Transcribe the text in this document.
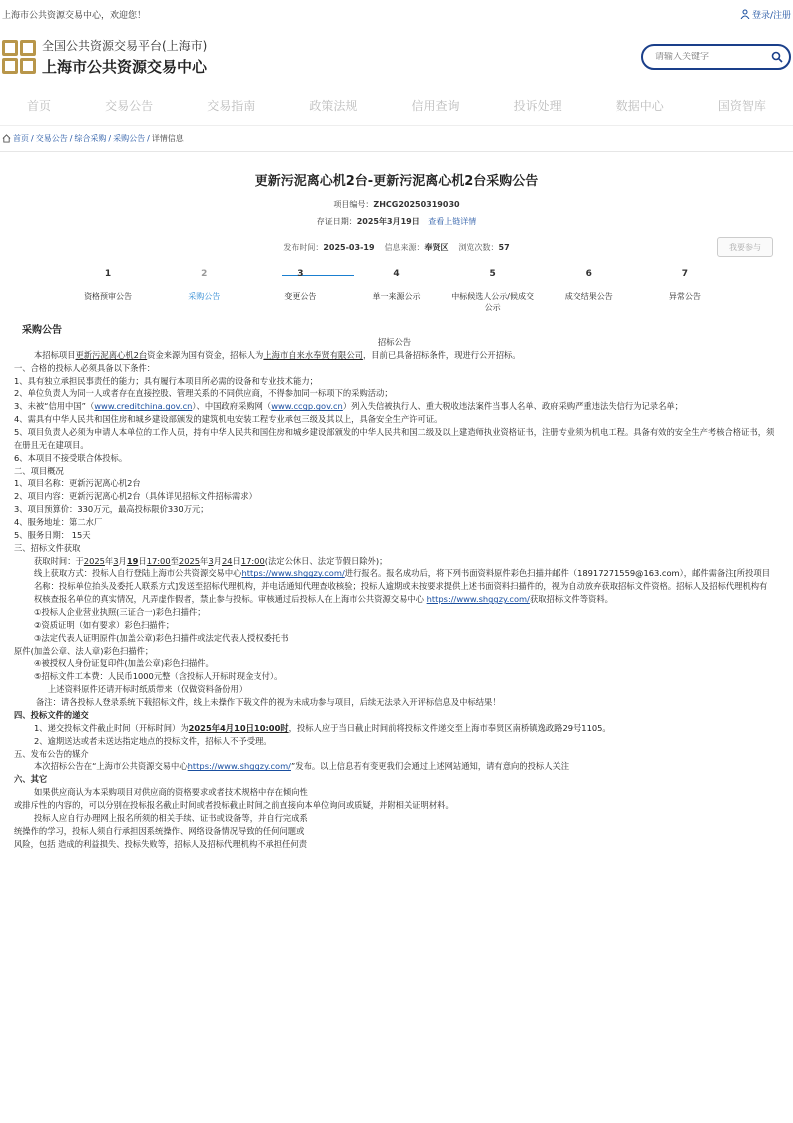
上海市公共资源交易中心，欢迎您！	登录/注册
全国公共资源交易平台(上海市)
上海市公共资源交易中心
请输入关键字
首页	交易公告	交易指南	政策法规	信用查询	投诉处理	数据中心	国资智库
首页 / 交易公告 / 综合采购 / 采购公告 / 详情信息
更新污泥离心机2台-更新污泥离心机2台采购公告
项目编号：ZHCG20250319030
存证日期：2025年3月19日 查看上链详情
发布时间：2025-03-19 信息来源：奉贤区 浏览次数：57	我要参与
1
资格预审公告
2
采购公告
3
变更公告
4
单一来源公示
5
中标候选人公示/候成交公示
6
成交结果公告
7
异常公告
采购公告

招标公告

本招标项目更新污泥离心机2台资金来源为国有资金，招标人为上海市自来水奉贤有限公司，目前已具备招标条件，现进行公开招标。

一、合格的投标人必须具备以下条件：

1、具有独立承担民事责任的能力；具有履行本项目所必需的设备和专业技术能力；

2、单位负责人为同一人或者存在直接控股、管理关系的不同供应商，不得参加同一标项下的采购活动；

3、未被“信用中国”（www.creditchina.gov.cn）、中国政府采购网（www.ccgp.gov.cn）列入失信被执行人、重大税收违法案件当事人名单、政府采购严重违法失信行为记录名单；

4、需具有中华人民共和国住房和城乡建设部颁发的建筑机电安装工程专业承包三级及其以上，具备安全生产许可证。

5、项目负责人必须为申请人本单位的工作人员，持有中华人民共和国住房和城乡建设部颁发的中华人民共和国二级及以上建造师执业资格证书，注册专业须为机电工程。具备有效的安全生产考核合格证书，须在册且无在建项目。

6、本项目不接受联合体投标。

二、项目概况

1、项目名称：更新污泥离心机2台

2、项目内容：更新污泥离心机2台（具体详见招标文件招标需求）

3、项目预算价：330万元，最高投标限价330万元；

4、服务地址：第二水厂

5、服务日期： 15天

三、招标文件获取

获取时间：于2025年3月19日17:00至2025年3月24日17:00(法定公休日、法定节假日除外)；

线上获取方式：投标人自行登陆上海市公共资源交易中心https://www.shggzy.com/进行报名。报名成功后，将下列书面资料原件彩色扫描并邮件（18917271559@163.com），邮件需备注[所投项目名称：投标单位抬头及委托人联系方式]发送至招标代理机构，并电话通知代理查收核验；投标人逾期或未按要求提供上述书面资料扫描件的，视为自动放弃获取招标文件资格。招标人及招标代理机构有权核查报名单位的真实情况，凡弄虚作假者，禁止参与投标。审核通过后投标人在上海市公共资源交易中心 https://www.shggzy.com/获取招标文件等资料。

①投标人企业营业执照(三证合一)彩色扫描件；

②资质证明（如有要求）彩色扫描件；

③法定代表人证明原件(加盖公章)彩色扫描件或法定代表人授权委托书

原件(加盖公章、法人章)彩色扫描件；

④被授权人身份证复印件(加盖公章)彩色扫描件。

⑤招标文件工本费：人民币1000元整（含投标人开标时现金支付）。

上述资料原件还请开标时纸质带来（仅做资料备份用）

备注：请各投标人登录系统下载招标文件，线上未操作下载文件的视为未成功参与项目，后续无法录入开评标信息及中标结果！

四、投标文件的递交

1、递交投标文件截止时间（开标时间）为2025年4月10日10:00时，投标人应于当日截止时间前将投标文件递交至上海市奉贤区南桥镇逸政路29号1105。

2、逾期送达或者未送达指定地点的投标文件，招标人不予受理。

五、发布公告的媒介

本次招标公告在“上海市公共资源交易中心https://www.shggzy.com/”发布。以上信息若有变更我们会通过上述网站通知，请有意向的投标人关注

六、其它

如果供应商认为本采购项目对供应商的资格要求或者技术规格中存在倾向性

或排斥性的内容的，可以分别在投标报名截止时间或者投标截止时间之前直接向本单位询问或质疑，并附相关证明材料。

投标人应自行办理网上报名所须的相关手续、证书或设备等，并自行完成系

统操作的学习，投标人须自行承担因系统操作、网络设备情况导致的任何问题或

风险，包括 造成的利益损失、投标失败等，招标人及招标代理机构不承担任何责
